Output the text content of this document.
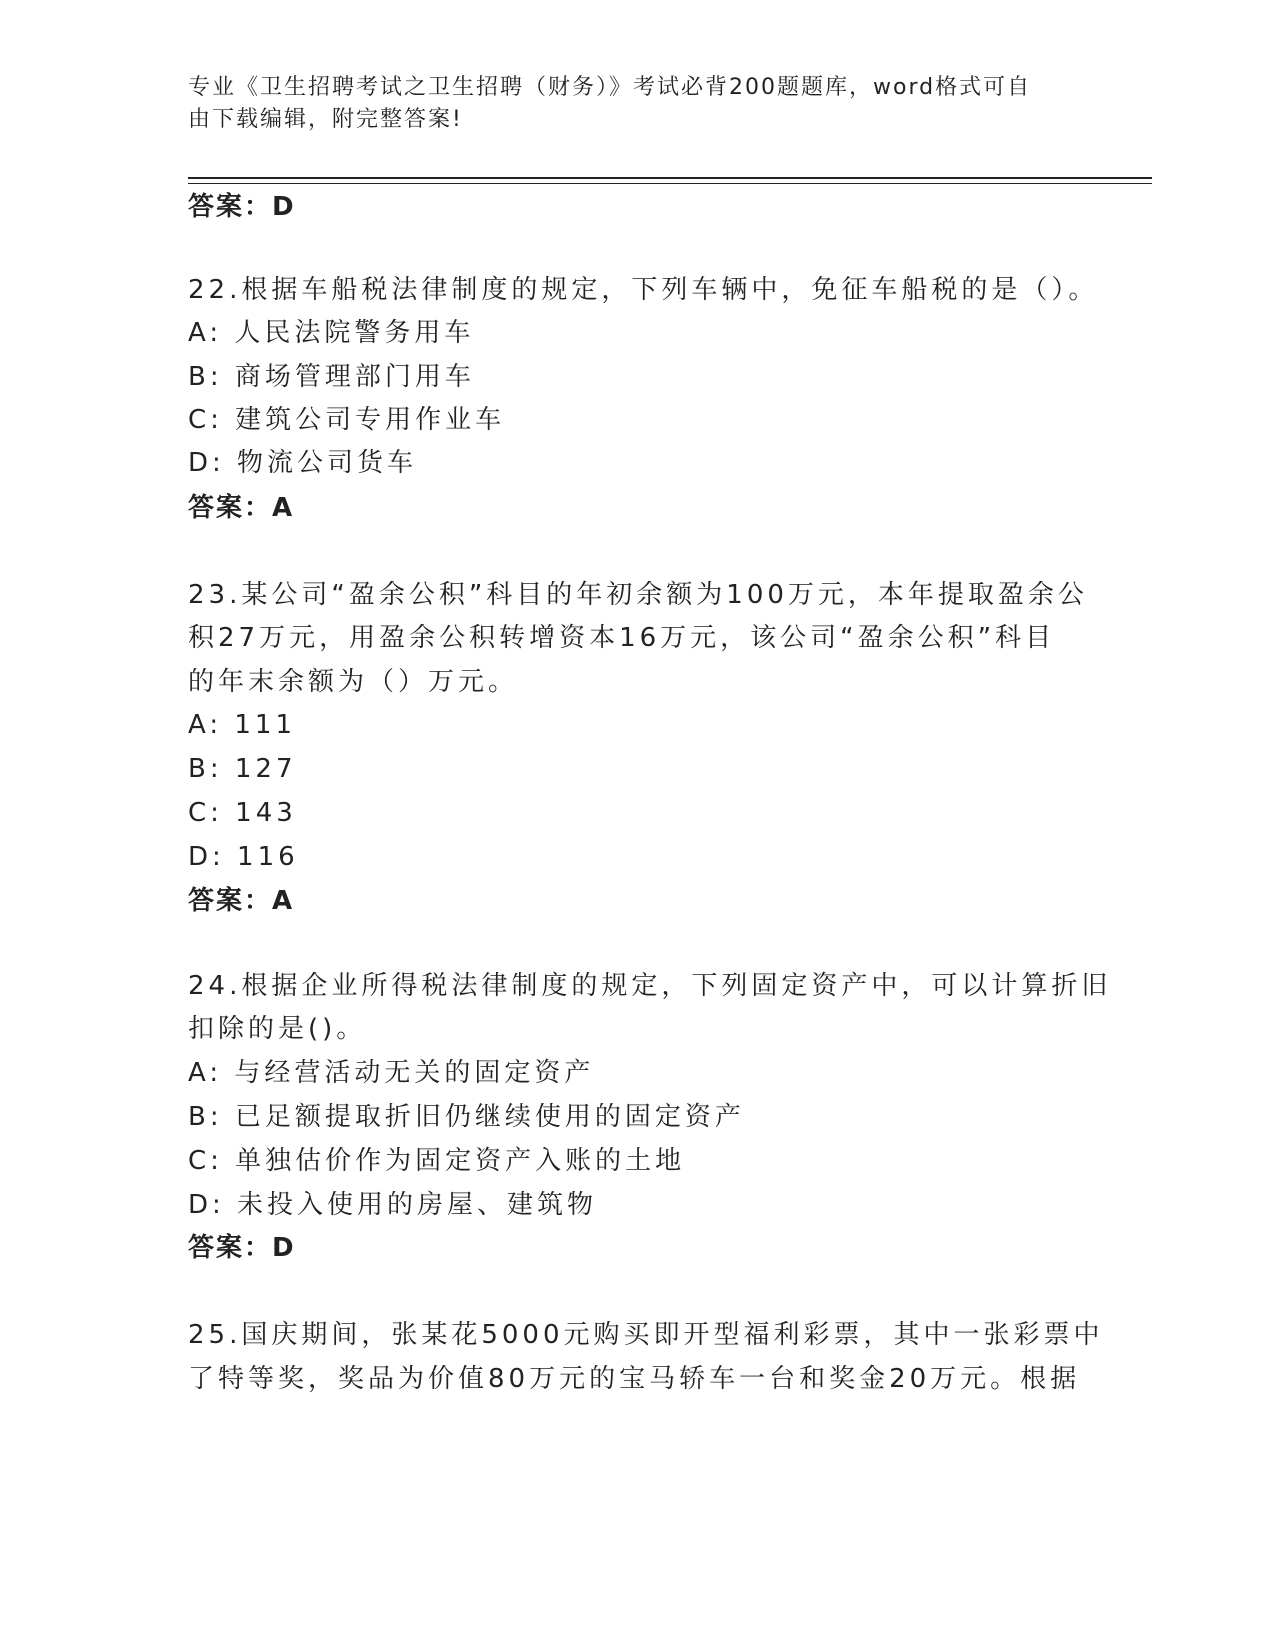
专业《卫生招聘考试之卫生招聘（财务）》考试必背200题题库，word格式可自
由下载编辑，附完整答案!
答案：D
22.根据车船税法律制度的规定，下列车辆中，免征车船税的是（）。
A: 人民法院警务用车
B: 商场管理部门用车
C: 建筑公司专用作业车
D: 物流公司货车
答案：A
23.某公司“盈余公积”科目的年初余额为100万元，本年提取盈余公
积27万元，用盈余公积转增资本16万元，该公司“盈余公积”科目
的年末余额为（）万元。
A: 111
B: 127
C: 143
D: 116
答案：A
24.根据企业所得税法律制度的规定，下列固定资产中，可以计算折旧
扣除的是()。
A: 与经营活动无关的固定资产
B: 已足额提取折旧仍继续使用的固定资产
C: 单独估价作为固定资产入账的土地
D: 未投入使用的房屋、建筑物
答案：D
25.国庆期间，张某花5000元购买即开型福利彩票，其中一张彩票中
了特等奖，奖品为价值80万元的宝马轿车一台和奖金20万元。根据
